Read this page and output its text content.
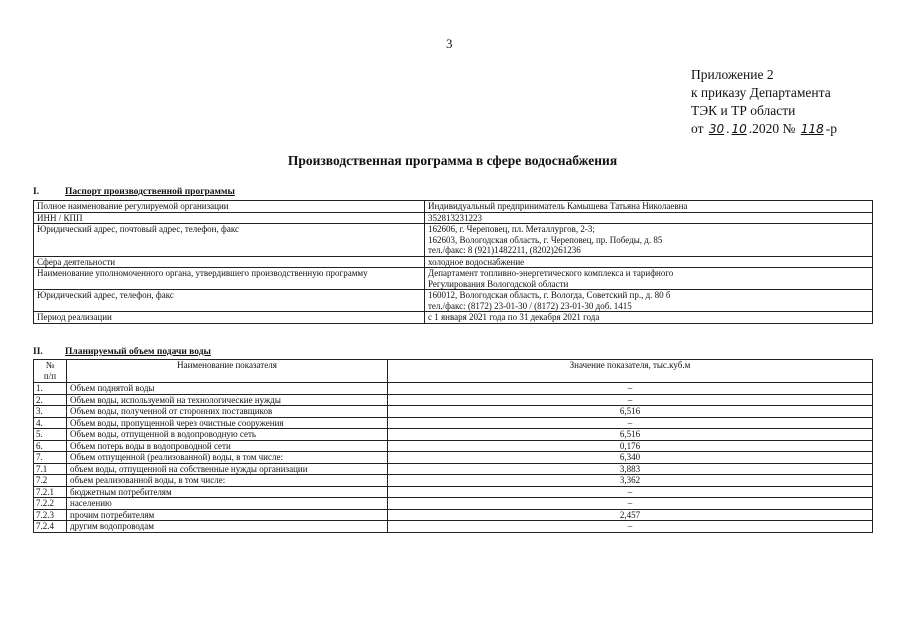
3
Приложение 2
к приказу Департамента
ТЭК и ТР области
от 30 . 10 .2020 № 118 -р
Производственная программа в сфере водоснабжения
I.	Паспорт производственной программы
Полное наименование регулируемой организации	Индивидуальный предприниматель Камышева Татьяна Николаевна

ИНН / КПП	352813231223

Юридический адрес, почтовый адрес, телефон, факс	162606, г. Череповец, пл. Металлургов, 2-3;
162603, Вологодская область, г. Череповец, пр. Победы, д. 85
тел./факс: 8 (921)1482211, (8202)261236

Сфера деятельности	холодное водоснабжение

Наименование уполномоченного органа, утвердившего производственную программу	Департамент топливно-энергетического комплекса и тарифного
Регулирования Вологодской области

Юридический адрес, телефон, факс	160012, Вологодская область, г. Вологда, Советский пр., д. 80 б
тел./факс: (8172) 23-01-30 / (8172) 23-01-30 доб. 1415

Период реализации	с 1 января 2021 года по 31 декабря 2021 года
II. Планируемый объем подачи воды
№
п/п	Наименование показателя	Значение показателя, тыс.куб.м
1.	Объем поднятой воды	–
2.	Объем воды, используемой на технологические нужды	–
3.	Объем воды, полученной от сторонних поставщиков	6,516
4.	Объем воды, пропущенной через очистные сооружения	–
5.	Объем воды, отпущенной в водопроводную сеть	6,516
6.	Объем потерь воды в водопроводной сети	0,176
7.	Объем отпущенной (реализованной) воды, в том числе:	6,340
7.1	объем воды, отпущенной на собственные нужды организации	3,883
7.2	объем реализованной воды, в том числе:	3,362
7.2.1	бюджетным потребителям	–
7.2.2	населению	–
7.2.3	прочим потребителям	2,457
7.2.4	другим водопроводам	–
